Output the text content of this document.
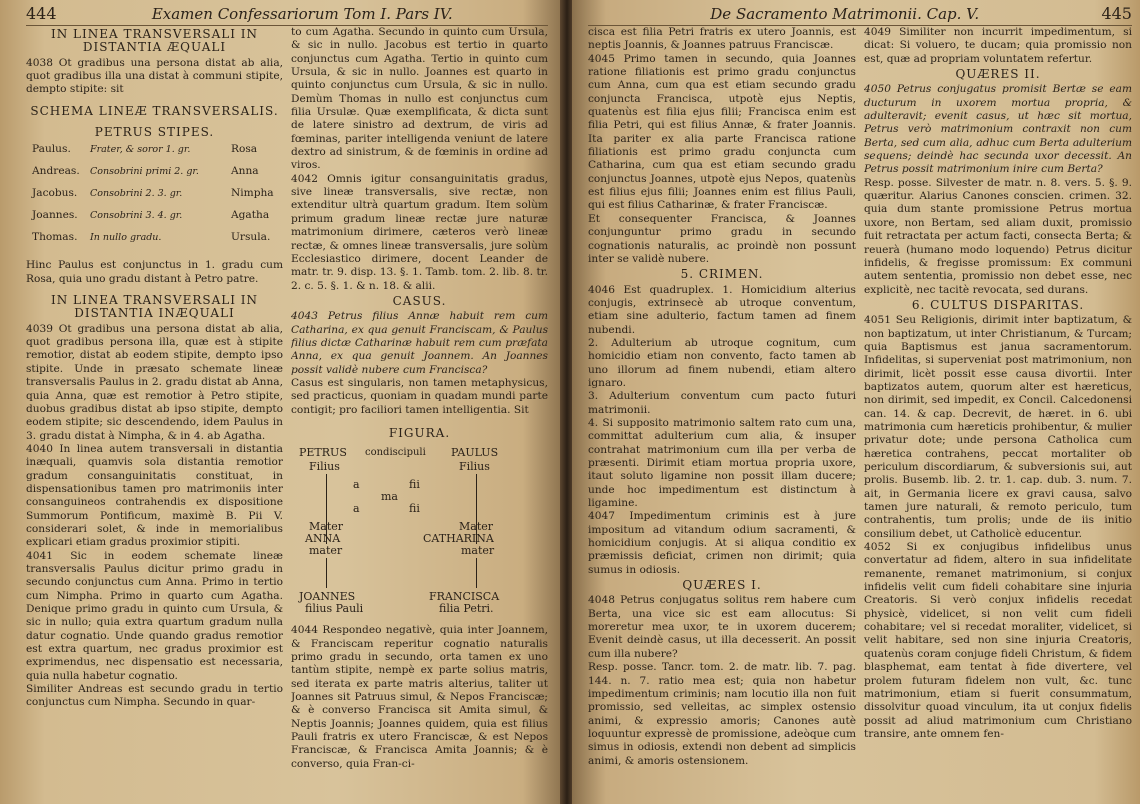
444	Examen Confessariorum Tom I. Pars IV.

IN LINEA TRANSVERSALI IN DISTANTIA ÆQUALI

4038 Ot gradibus una persona distat ab alia, quot gradibus illa una distat à communi stipite, dempto stipite: sit

SCHEMA LINEÆ TRANSVERSALIS.

PETRUS STIPES.

Paulus.	Frater, & soror 1. gr.	Rosa
Andreas.	Consobrini primi 2. gr.	Anna
Jacobus.	Consobrini 2. 3. gr.	Nimpha
Joannes.	Consobrini 3. 4. gr.	Agatha
Thomas.	In nullo gradu.	Ursula.

Hinc Paulus est conjunctus in 1. gradu cum Rosa, quia uno gradu distant à Petro patre.

IN LINEA TRANSVERSALI IN DISTANTIA INÆQUALI

4039 Ot gradibus una persona distat ab alia, quot gradibus persona illa, quæ est à stipite remotior, distat ab eodem stipite, dempto ipso stipite. Unde in præsato schemate lineæ transversalis Paulus in 2. gradu distat ab Anna, quia Anna, quæ est remotior à Petro stipite, duobus gradibus distat ab ipso stipite, dempto eodem stipite; sic descendendo, idem Paulus in 3. gradu distat à Nimpha, & in 4. ab Agatha.

4040 In linea autem transversali in distantia inæquali, quamvis sola distantia remotior gradum consanguinitatis constituat, in dispensationibus tamen pro matrimoniis inter consanguineos contrahendis ex dispositione Summorum Pontificum, maximè B. Pii V. considerari solet, & inde in memorialibus explicari etiam gradus proximior stipiti.

4041 Sic in eodem schemate lineæ transversalis Paulus dicitur primo gradu in secundo conjunctus cum Anna. Primo in tertio cum Nimpha. Primo in quarto cum Agatha. Denique primo gradu in quinto cum Ursula, & sic in nullo; quia extra quartum gradum nulla datur cognatio. Unde quando gradus remotior est extra quartum, nec gradus proximior est exprimendus, nec dispensatio est necessaria, quia nulla habetur cognatio.

Similiter Andreas est secundo gradu in tertio conjunctus cum Nimpha. Secundo in quar-

to cum Agatha. Secundo in quinto cum Ursula, & sic in nullo. Jacobus est tertio in quarto conjunctus cum Agatha. Tertio in quinto cum Ursula, & sic in nullo. Joannes est quarto in quinto conjunctus cum Ursula, & sic in nullo. Demùm Thomas in nullo est conjunctus cum filia Ursulæ. Quæ exemplificata, & dicta sunt de latere sinistro ad dextrum, de viris ad fœminas, pariter intelligenda veniunt de latere dextro ad sinistrum, & de fœminis in ordine ad viros.

4042 Omnis igitur consanguinitatis gradus, sive lineæ transversalis, sive rectæ, non extenditur ultrà quartum gradum. Item solùm primum gradum lineæ rectæ jure naturæ matrimonium dirimere, cæteros verò lineæ rectæ, & omnes lineæ transversalis, jure solùm Ecclesiastico dirimere, docent Leander de matr. tr. 9. disp. 13. §. 1. Tamb. tom. 2. lib. 8. tr. 2. c. 5. §. 1. & n. 18. & alii.

CASUS.

4043 Petrus filius Annæ habuit rem cum Catharina, ex qua genuit Franciscam, & Paulus filius dictæ Catharinæ habuit rem cum præfata Anna, ex qua genuit Joannem. An Joannes possit validè nubere cum Francisca?

Casus est singularis, non tamen metaphysicus, sed practicus, quoniam in quadam mundi parte contigit; pro faciliori tamen intelligentia. Sit

FIGURA.

PETRUS condiscipuli PAULUS
Filius	Filius
a	fii
ma
a	fii
Mater
ANNA
mater
Mater
CATHARINA
mater
JOANNES
filius Pauli
FRANCISCA
filia Petri.

4044 Respondeo negativè, quia inter Joannem, & Franciscam reperitur cognatio naturalis primo gradu in secundo, orta tamen ex uno tantùm stipite, nempè ex parte solius matris, sed iterata ex parte matris alterius, taliter ut Joannes sit Patruus simul, & Nepos Franciscæ; & è converso Francisca sit Amita simul, & Neptis Joannis; Joannes quidem, quia est filius Pauli fratris ex utero Franciscæ, & est Nepos Franciscæ, & Francisca Amita Joannis; & è converso, quia Fran-ci-

De Sacramento Matrimonii. Cap. V.	445

cisca est filia Petri fratris ex utero Joannis, est neptis Joannis, & Joannes patruus Franciscæ.

4045 Primo tamen in secundo, quia Joannes ratione filiationis est primo gradu conjunctus cum Anna, cum qua est etiam secundo gradu conjuncta Francisca, utpotè ejus Neptis, quatenùs est filia ejus filii; Francisca enim est filia Petri, qui est filius Annæ, & frater Joannis. Ita pariter ex alia parte Francisca ratione filiationis est primo gradu conjuncta cum Catharina, cum qua est etiam secundo gradu conjunctus Joannes, utpotè ejus Nepos, quatenùs est filius ejus filii; Joannes enim est filius Pauli, qui est filius Catharinæ, & frater Franciscæ.

Et consequenter Francisca, & Joannes conjunguntur primo gradu in secundo cognationis naturalis, ac proindè non possunt inter se validè nubere.

5. CRIMEN.

4046 Est quadruplex. 1. Homicidium alterius conjugis, extrinsecè ab utroque conventum, etiam sine adulterio, factum tamen ad finem nubendi.

2. Adulterium ab utroque cognitum, cum homicidio etiam non convento, facto tamen ab uno illorum ad finem nubendi, etiam altero ignaro.

3. Adulterium conventum cum pacto futuri matrimonii.

4. Si supposito matrimonio saltem rato cum una, committat adulterium cum alia, & insuper contrahat matrimonium cum illa per verba de præsenti. Dirimit etiam mortua propria uxore, itaut soluto ligamine non possit illam ducere; unde hoc impedimentum est distinctum à ligamine.

4047 Impedimentum criminis est à jure impositum ad vitandum odium sacramenti, & homicidium conjugis. At si aliqua conditio ex præmissis deficiat, crimen non dirimit; quia sumus in odiosis.

QUÆRES I.

4048 Petrus conjugatus solitus rem habere cum Berta, una vice sic est eam allocutus: Si moreretur mea uxor, te in uxorem ducerem; Evenit deindè casus, ut illa decesserit. An possit cum illa nubere?

Resp. posse. Tancr. tom. 2. de matr. lib. 7. pag. 144. n. 7. ratio mea est; quia non habetur impedimentum criminis; nam locutio illa non fuit promissio, sed velleitas, ac simplex ostensio animi, & expressio amoris; Canones autè loquuntur expressè de promissione, adeòque cum simus in odiosis, extendi non debent ad simplicis animi, & amoris ostensionem.

4049 Similiter non incurrit impedimentum, si dicat: Si voluero, te ducam; quia promissio non est, quæ ad propriam voluntatem refertur.

QUÆRES II.

4050 Petrus conjugatus promisit Bertæ se eam ducturum in uxorem mortua propria, & adulteravit; evenit casus, ut hæc sit mortua, Petrus verò matrimonium contraxit non cum Berta, sed cum alia, adhuc cum Berta adulterium sequens; deindè hac secunda uxor decessit. An Petrus possit matrimonium inire cum Berta?

Resp. posse. Silvester de matr. n. 8. vers. 5. §. 9. quæritur. Alarius Canones conscien. crimen. 32. quia dum stante promissione Petrus mortua uxore, non Bertam, sed aliam duxit, promissio fuit retractata per actum facti, consecta Berta; & reuerà (humano modo loquendo) Petrus dicitur infidelis, & fregisse promissum: Ex communi autem sententia, promissio non debet esse, nec explicitè, nec tacitè revocata, sed durans.

6. CULTUS DISPARITAS.

4051 Seu Religionis, dirimit inter baptizatum, & non baptizatum, ut inter Christianum, & Turcam; quia Baptismus est janua sacramentorum. Infidelitas, si superveniat post matrimonium, non dirimit, licèt possit esse causa divortii. Inter baptizatos autem, quorum alter est hæreticus, non dirimit, sed impedit, ex Concil. Calcedonensi can. 14. & cap. Decrevit, de hæret. in 6. ubi matrimonia cum hæreticis prohibentur, & mulier privatur dote; unde persona Catholica cum hæretica contrahens, peccat mortaliter ob periculum discordiarum, & subversionis sui, aut prolis. Busemb. lib. 2. tr. 1. cap. dub. 3. num. 7. ait, in Germania licere ex gravi causa, salvo tamen jure naturali, & remoto periculo, tum contrahentis, tum prolis; unde de iis initio consilium debet, ut Catholicè educentur.

4052 Si ex conjugibus infidelibus unus convertatur ad fidem, altero in sua infidelitate remanente, remanet matrimonium, si conjux infidelis velit cum fideli cohabitare sine injuria Creatoris. Si verò conjux infidelis recedat physicè, videlicet, si non velit cum fideli cohabitare; vel si recedat moraliter, videlicet, si velit habitare, sed non sine injuria Creatoris, quatenùs coram conjuge fideli Christum, & fidem blasphemat, eam tentat à fide divertere, vel prolem futuram fidelem non vult, &c. tunc matrimonium, etiam si fuerit consummatum, dissolvitur quoad vinculum, ita ut conjux fidelis possit ad aliud matrimonium cum Christiano transire, ante omnem fen-
